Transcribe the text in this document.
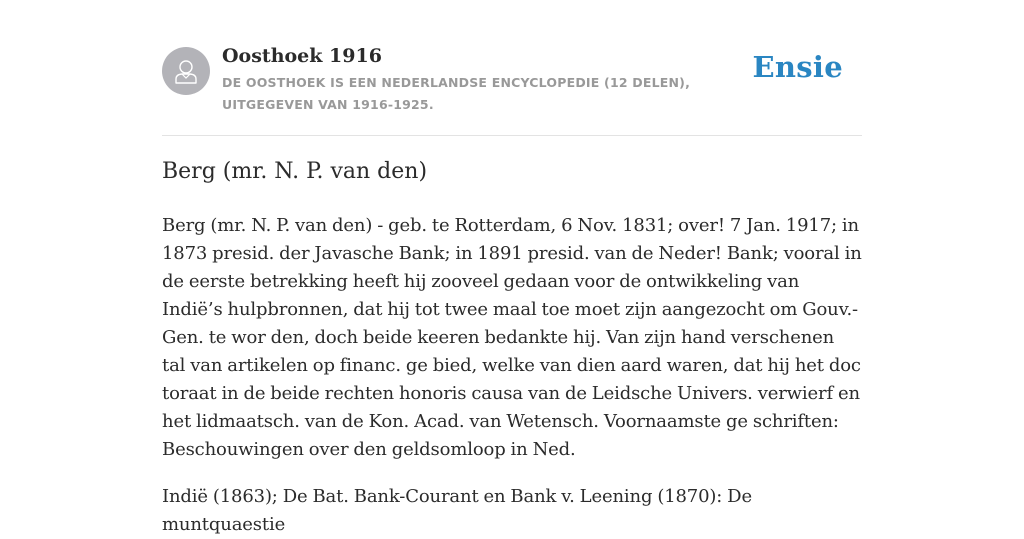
Oosthoek 1916

DE OOSTHOEK IS EEN NEDERLANDSE ENCYCLOPEDIE (12 DELEN), UITGEGEVEN VAN 1916-1925.

Ensie
Berg (mr. N. P. van den)

Berg (mr. N. P. van den) - geb. te Rotterdam, 6 Nov. 1831; over! 7 Jan. 1917; in 1873 presid. der Javasche Bank; in 1891 presid. van de Neder! Bank; vooral in de eerste betrekking heeft hij zooveel gedaan voor de ontwikkeling van Indië’s hulpbronnen, dat hij tot twee maal toe moet zijn aangezocht om Gouv.-Gen. te wor den, doch beide keeren bedankte hij. Van zijn hand verschenen tal van artikelen op financ. ge bied, welke van dien aard waren, dat hij het doc toraat in de beide rechten honoris causa van de Leidsche Univers. verwierf en het lidmaatsch. van de Kon. Acad. van Wetensch. Voornaamste ge schriften: Beschouwingen over den geldsomloop in Ned.

Indië (1863); De Bat. Bank-Courant en Bank v. Leening (1870): De muntquaestie
